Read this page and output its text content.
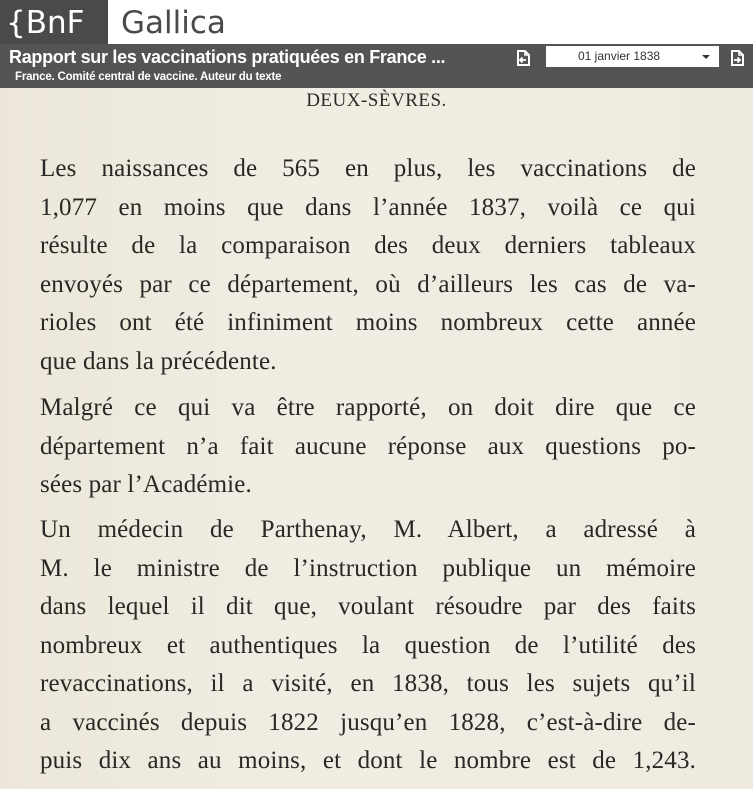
{BnF	Gallica
Rapport sur les vaccinations pratiquées en France ...
France. Comité central de vaccine. Auteur du texte
01 janvier 1838
DEUX-SÈVRES.
Les naissances de 565 en plus, les vaccinations de
1,077 en moins que dans l’année 1837, voilà ce qui
résulte de la comparaison des deux derniers tableaux
envoyés par ce département, où d’ailleurs les cas de va-
rioles ont été infiniment moins nombreux cette année
que dans la précédente.
Malgré ce qui va être rapporté, on doit dire que ce
département n’a fait aucune réponse aux questions po-
sées par l’Académie.
Un médecin de Parthenay, M. Albert, a adressé à
M. le ministre de l’instruction publique un mémoire
dans lequel il dit que, voulant résoudre par des faits
nombreux et authentiques la question de l’utilité des
revaccinations, il a visité, en 1838, tous les sujets qu’il
a vaccinés depuis 1822 jusqu’en 1828, c’est-à-dire de-
puis dix ans au moins, et dont le nombre est de 1,243.
